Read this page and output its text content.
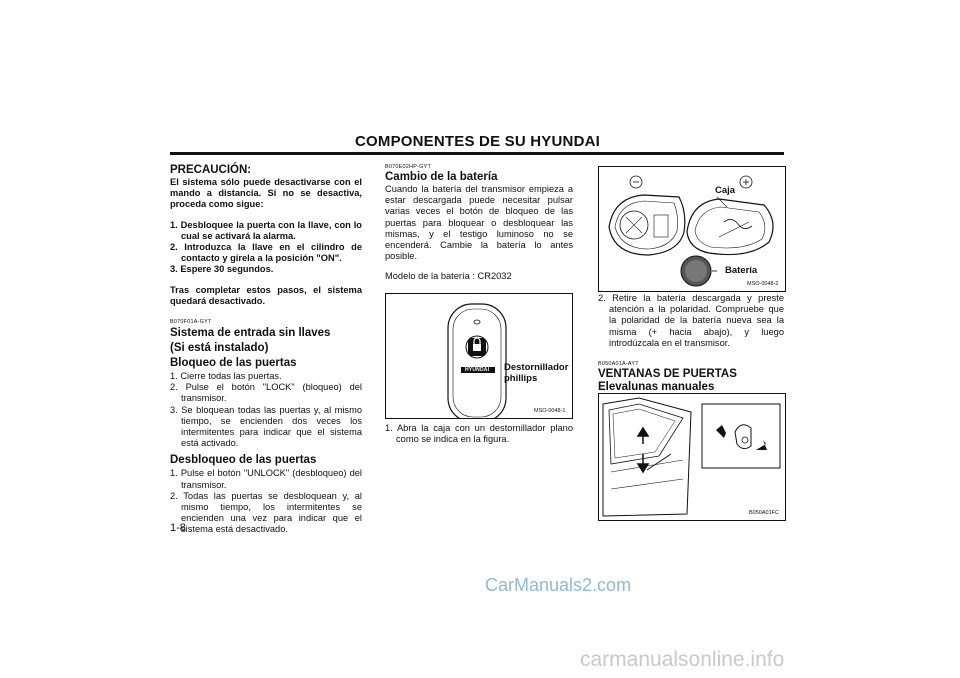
COMPONENTES DE SU HYUNDAI
PRECAUCIÓN:
El sistema sólo puede desactivarse con el mando a distancia. Si no se desactiva, proceda como sigue:
1. Desbloquee la puerta con la llave, con lo cual se activará la alarma.
2. Introduzca la llave en el cilindro de contacto y gírela a la posición "ON".
3. Espere 30 segundos.
Tras completar estos pasos, el sistema quedará desactivado.
B070F01A-GYT
Sistema de entrada sin llaves
(Si está instalado)
Bloqueo de las puertas
1. Cierre todas las puertas.
2. Pulse el botón "LOCK" (bloqueo) del transmisor.
3. Se bloquean todas las puertas y, al mismo tiempo, se encienden dos veces los intermitentes para indicar que el sistema está activado.
Desbloqueo de las puertas
1. Pulse el botón "UNLOCK" (desbloqueo) del transmisor.
2. Todas las puertas se desbloquean y, al mismo tiempo, los intermitentes se encienden una vez para indicar que el sistema está desactivado.
B070E02HP-GYT
Cambio de la batería
Cuando la batería del transmisor empieza a estar descargada puede necesitar pulsar varias veces el botón de bloqueo de las puertas para bloquear o desbloquear las mismas, y el testigo luminoso no se encenderá. Cambie la batería lo antes posible.
Modelo de la batería : CR2032
HYUNDAI Destornillador phillips
MSO-0048-1
1. Abra la caja con un destornillador plano como se indica en la figura.
Caja
Batería
MSO-0048-2
2. Retire la batería descargada y preste atención a la polaridad. Compruebe que la polaridad de la batería nueva sea la misma (+ hacia abajo), y luego introdúzcala en el transmisor.
B050A01A-AYT
VENTANAS DE PUERTAS
Elevalunas manuales
B050A01FC
1-8
CarManuals2.com
carmanualsonline.info
